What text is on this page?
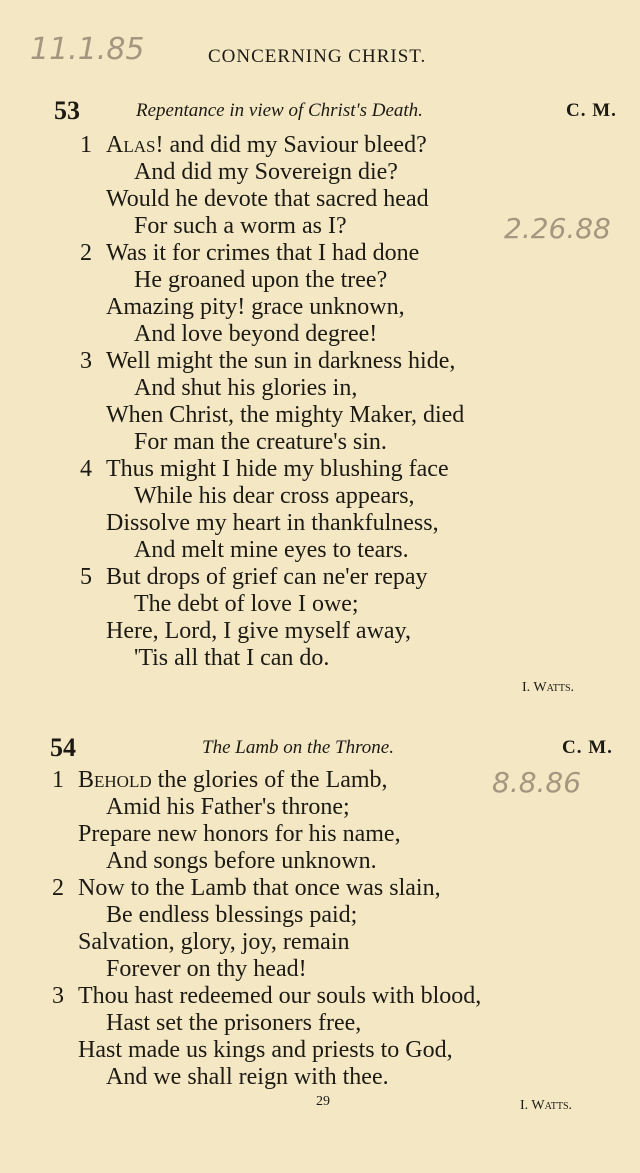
11.1.85	CONCERNING CHRIST.
53	Repentance in view of Christ's Death.	C. M.
1 Alas! and did my Saviour bleed?
And did my Sovereign die?
Would he devote that sacred head
For such a worm as I?	2.26.88
2 Was it for crimes that I had done
He groaned upon the tree?
Amazing pity! grace unknown,
And love beyond degree!
3 Well might the sun in darkness hide,
And shut his glories in,
When Christ, the mighty Maker, died
For man the creature's sin.
4 Thus might I hide my blushing face
While his dear cross appears,
Dissolve my heart in thankfulness,
And melt mine eyes to tears.
5 But drops of grief can ne'er repay
The debt of love I owe;
Here, Lord, I give myself away,
'Tis all that I can do.
I. Watts.
54	The Lamb on the Throne.	C. M.
1 Behold the glories of the Lamb,	8.8.86
Amid his Father's throne;
Prepare new honors for his name,
And songs before unknown.
2 Now to the Lamb that once was slain,
Be endless blessings paid;
Salvation, glory, joy, remain
Forever on thy head!
3 Thou hast redeemed our souls with blood,
Hast set the prisoners free,
Hast made us kings and priests to God,
And we shall reign with thee.
29	I. Watts.
